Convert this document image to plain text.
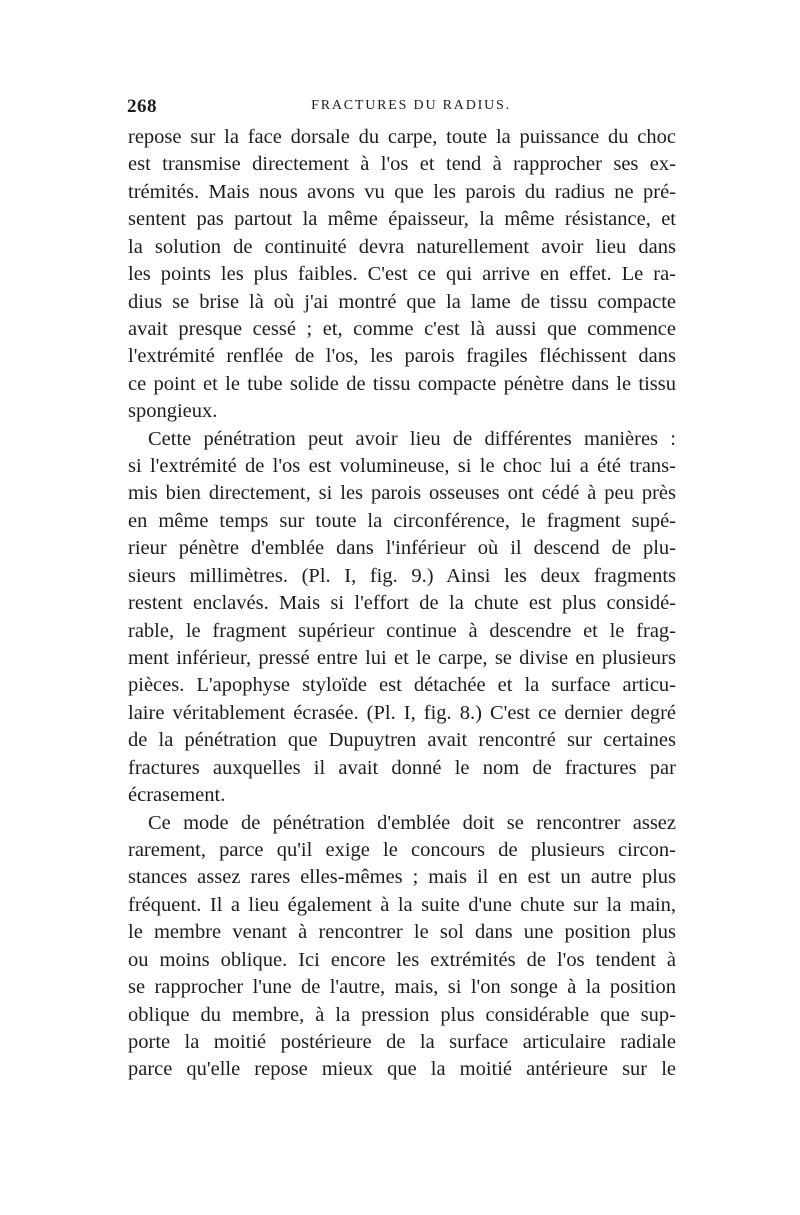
268	FRACTURES DU RADIUS.
repose sur la face dorsale du carpe, toute la puissance du choc
est transmise directement à l'os et tend à rapprocher ses ex-
trémités. Mais nous avons vu que les parois du radius ne pré-
sentent pas partout la même épaisseur, la même résistance, et
la solution de continuité devra naturellement avoir lieu dans
les points les plus faibles. C'est ce qui arrive en effet. Le ra-
dius se brise là où j'ai montré que la lame de tissu compacte
avait presque cessé ; et, comme c'est là aussi que commence
l'extrémité renflée de l'os, les parois fragiles fléchissent dans
ce point et le tube solide de tissu compacte pénètre dans le tissu
spongieux.
Cette pénétration peut avoir lieu de différentes manières :
si l'extrémité de l'os est volumineuse, si le choc lui a été trans-
mis bien directement, si les parois osseuses ont cédé à peu près
en même temps sur toute la circonférence, le fragment supé-
rieur pénètre d'emblée dans l'inférieur où il descend de plu-
sieurs millimètres. (Pl. I, fig. 9.) Ainsi les deux fragments
restent enclavés. Mais si l'effort de la chute est plus considé-
rable, le fragment supérieur continue à descendre et le frag-
ment inférieur, pressé entre lui et le carpe, se divise en plusieurs
pièces. L'apophyse styloïde est détachée et la surface articu-
laire véritablement écrasée. (Pl. I, fig. 8.) C'est ce dernier degré
de la pénétration que Dupuytren avait rencontré sur certaines
fractures auxquelles il avait donné le nom de fractures par
écrasement.
Ce mode de pénétration d'emblée doit se rencontrer assez
rarement, parce qu'il exige le concours de plusieurs circon-
stances assez rares elles-mêmes ; mais il en est un autre plus
fréquent. Il a lieu également à la suite d'une chute sur la main,
le membre venant à rencontrer le sol dans une position plus
ou moins oblique. Ici encore les extrémités de l'os tendent à
se rapprocher l'une de l'autre, mais, si l'on songe à la position
oblique du membre, à la pression plus considérable que sup-
porte la moitié postérieure de la surface articulaire radiale
parce qu'elle repose mieux que la moitié antérieure sur le
